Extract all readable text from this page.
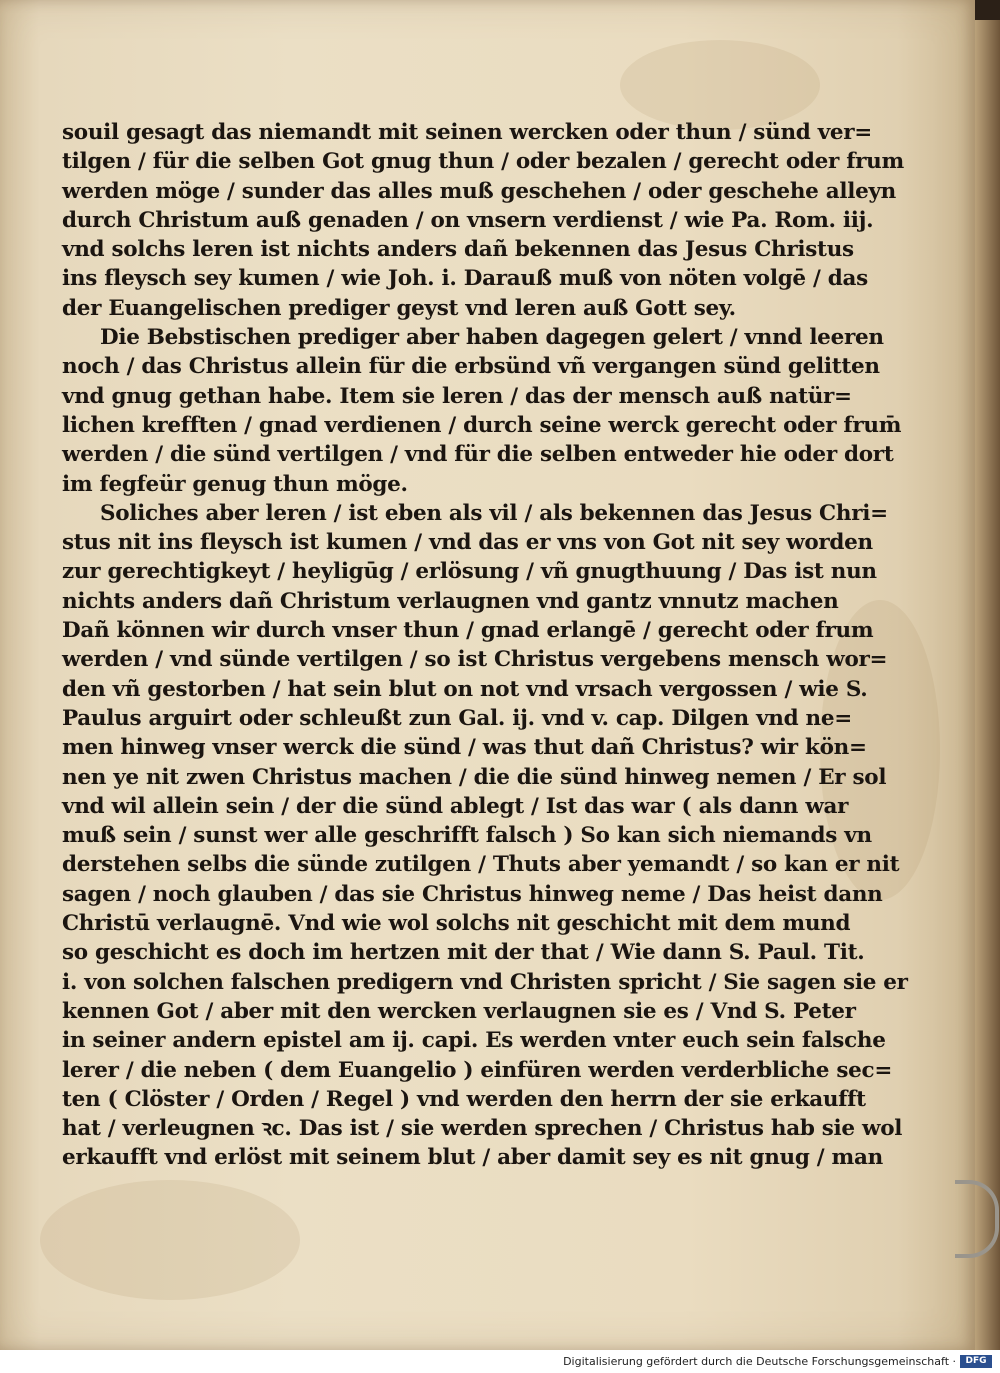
souil gesagt das niemandt mit seinen wercken oder thun / sünd ver=
tilgen / für die selben Got gnug thun / oder bezalen / gerecht oder frum
werden möge / sunder das alles muß geschehen / oder geschehe alleyn
durch Christum auß genaden / on vnsern verdienst / wie Pa. Rom. iij.
vnd solchs leren ist nichts anders dañ bekennen das Jesus Christus
ins fleysch sey kumen / wie Joh. i. Darauß muß von nöten volgē / das
der Euangelischen prediger geyst vnd leren auß Gott sey.
Die Bebstischen prediger aber haben dagegen gelert / vnnd leeren
noch / das Christus allein für die erbsünd vñ vergangen sünd gelitten
vnd gnug gethan habe. Item sie leren / das der mensch auß natür=
lichen krefften / gnad verdienen / durch seine werck gerecht oder frum̄
werden / die sünd vertilgen / vnd für die selben entweder hie oder dort
im fegfeür genug thun möge.
Soliches aber leren / ist eben als vil / als bekennen das Jesus Chri=
stus nit ins fleysch ist kumen / vnd das er vns von Got nit sey worden
zur gerechtigkeyt / heyligūg / erlösung / vñ gnugthuung / Das ist nun
nichts anders dañ Christum verlaugnen vnd gantz vnnutz machen
Dañ können wir durch vnser thun / gnad erlangē / gerecht oder frum
werden / vnd sünde vertilgen / so ist Christus vergebens mensch wor=
den vñ gestorben / hat sein blut on not vnd vrsach vergossen / wie S.
Paulus arguirt oder schleußt zun Gal. ij. vnd v. cap. Dilgen vnd ne=
men hinweg vnser werck die sünd / was thut dañ Christus? wir kön=
nen ye nit zwen Christus machen / die die sünd hinweg nemen / Er sol
vnd wil allein sein / der die sünd ablegt / Ist das war ( als dann war
muß sein / sunst wer alle geschrifft falsch ) So kan sich niemands vn
derstehen selbs die sünde zutilgen / Thuts aber yemandt / so kan er nit
sagen / noch glauben / das sie Christus hinweg neme / Das heist dann
Christū verlaugnē. Vnd wie wol solchs nit geschicht mit dem mund
so geschicht es doch im hertzen mit der that / Wie dann S. Paul. Tit.
i. von solchen falschen predigern vnd Christen spricht / Sie sagen sie er
kennen Got / aber mit den wercken verlaugnen sie es / Vnd S. Peter
in seiner andern epistel am ij. capi. Es werden vnter euch sein falsche
lerer / die neben ( dem Euangelio ) einfüren werden verderbliche sec=
ten ( Clöster / Orden / Regel ) vnd werden den herrn der sie erkaufft
hat / verleugnen ꝛc. Das ist / sie werden sprechen / Christus hab sie wol
erkaufft vnd erlöst mit seinem blut / aber damit sey es nit gnug / man
Digitalisierung gefördert durch die Deutsche Forschungsgemeinschaft ·	DFG
